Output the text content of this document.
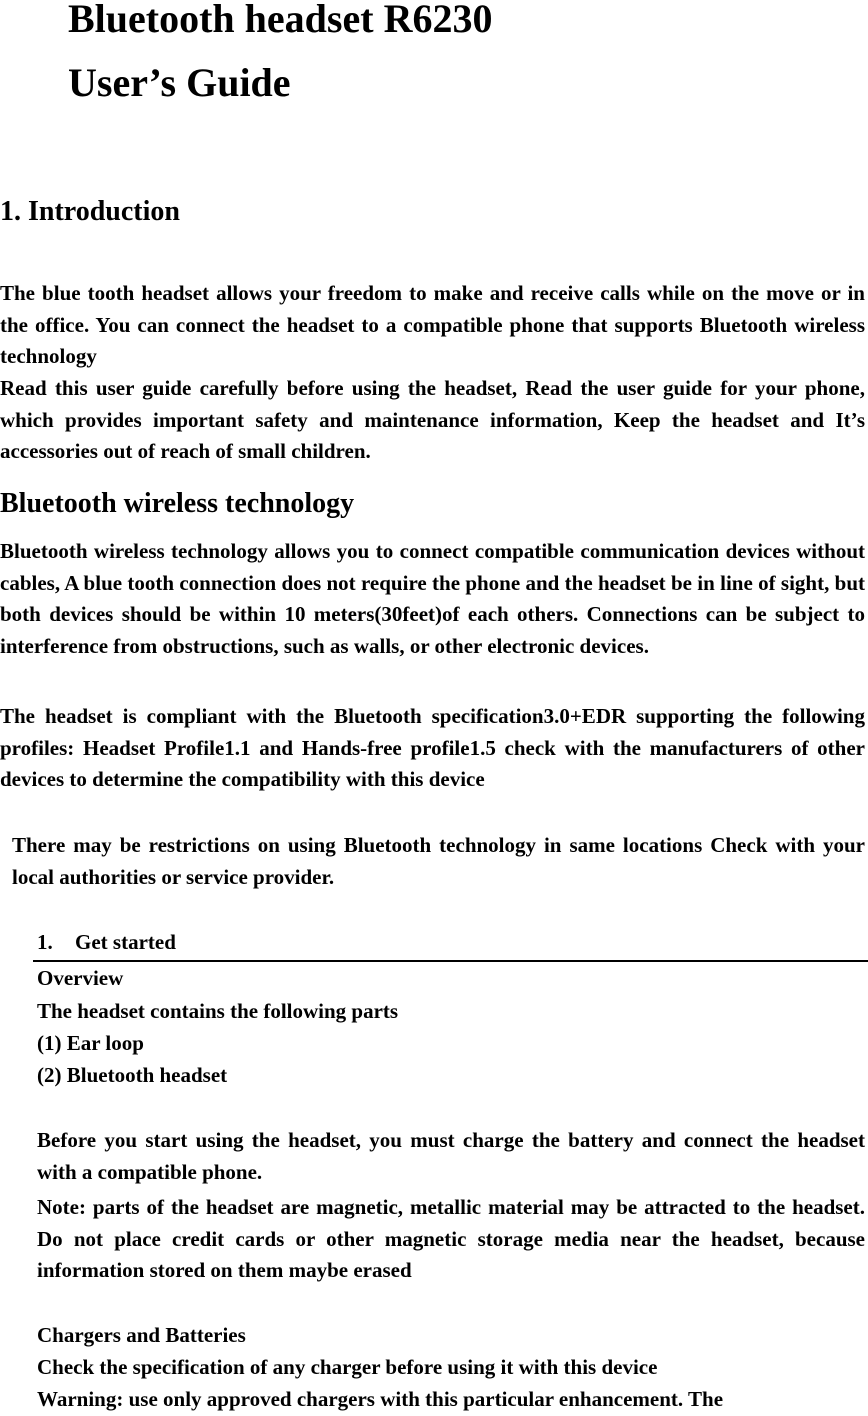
Bluetooth headset R6230
User’s Guide
1. Introduction

The blue tooth headset allows your freedom to make and receive calls while on the move or in the office. You can connect the headset to a compatible phone that supports Bluetooth wireless technology

Read this user guide carefully before using the headset, Read the user guide for your phone, which provides important safety and maintenance information, Keep the headset and It’s accessories out of reach of small children.

Bluetooth wireless technology

Bluetooth wireless technology allows you to connect compatible communication devices without cables, A blue tooth connection does not require the phone and the headset be in line of sight, but both devices should be within 10 meters(30feet)of each others. Connections can be subject to interference from obstructions, such as walls, or other electronic devices.

The headset is compliant with the Bluetooth specification3.0+EDR supporting the following profiles: Headset Profile1.1 and Hands-free profile1.5 check with the manufacturers of other devices to determine the compatibility with this device

There may be restrictions on using Bluetooth technology in same locations Check with your local authorities or service provider.

1. Get started
Overview
The headset contains the following parts
(1) Ear loop
(2) Bluetooth headset

Before you start using the headset, you must charge the battery and connect the headset with a compatible phone.

Note: parts of the headset are magnetic, metallic material may be attracted to the headset. Do not place credit cards or other magnetic storage media near the headset, because information stored on them maybe erased

Chargers and Batteries
Check the specification of any charger before using it with this device
Warning: use only approved chargers with this particular enhancement. The
